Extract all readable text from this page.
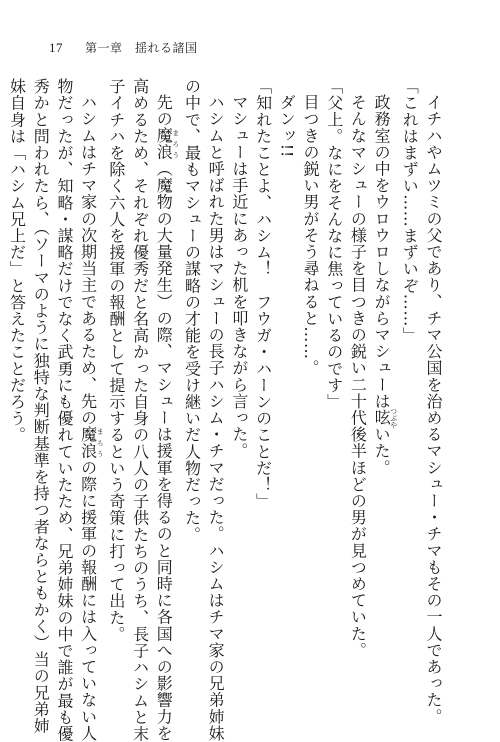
17 第一章　揺れる諸国

イチハやムツミの父であり、チマ公国を治めるマシュー・チマもその一人であった。

「これはまずい……まずいぞ……」

政務室の中をウロウロしながらマシューは呟つぶやいた。

そんなマシューの様子を目つきの鋭い二十代後半ほどの男が見つめていた。

「父上。なにをそんなに焦っているのです」

目つきの鋭い男がそう尋ねると……。

ダンッ!!

「知れたことよ、ハシム！　フウガ・ハーンのことだ！」

マシューは手近にあった机を叩きながら言った。

ハシムと呼ばれた男はマシューの長子ハシム・チマだった。ハシムはチマ家の兄弟姉妹

の中で、最もマシューの謀略の才能を受け継いだ人物だった。

先の魔浪まろう（魔物の大量発生）の際、マシューは援軍を得るのと同時に各国への影響力を

高めるため、それぞれ優秀だと名高かった自身の八人の子供たちのうち、長子ハシムと末

子イチハを除く六人を援軍の報酬として提示するという奇策に打って出た。

ハシムはチマ家の次期当主であるため、先の魔浪まろうの際に援軍の報酬には入っていない人

物だったが、知略・謀略だけでなく武勇にも優れていたため、兄弟姉妹の中で誰が最も優

秀かと問われたら、（ソーマのように独特な判断基準を持つ者ならともかく）当の兄弟姉

妹自身は「ハシム兄上だ」と答えたことだろう。
